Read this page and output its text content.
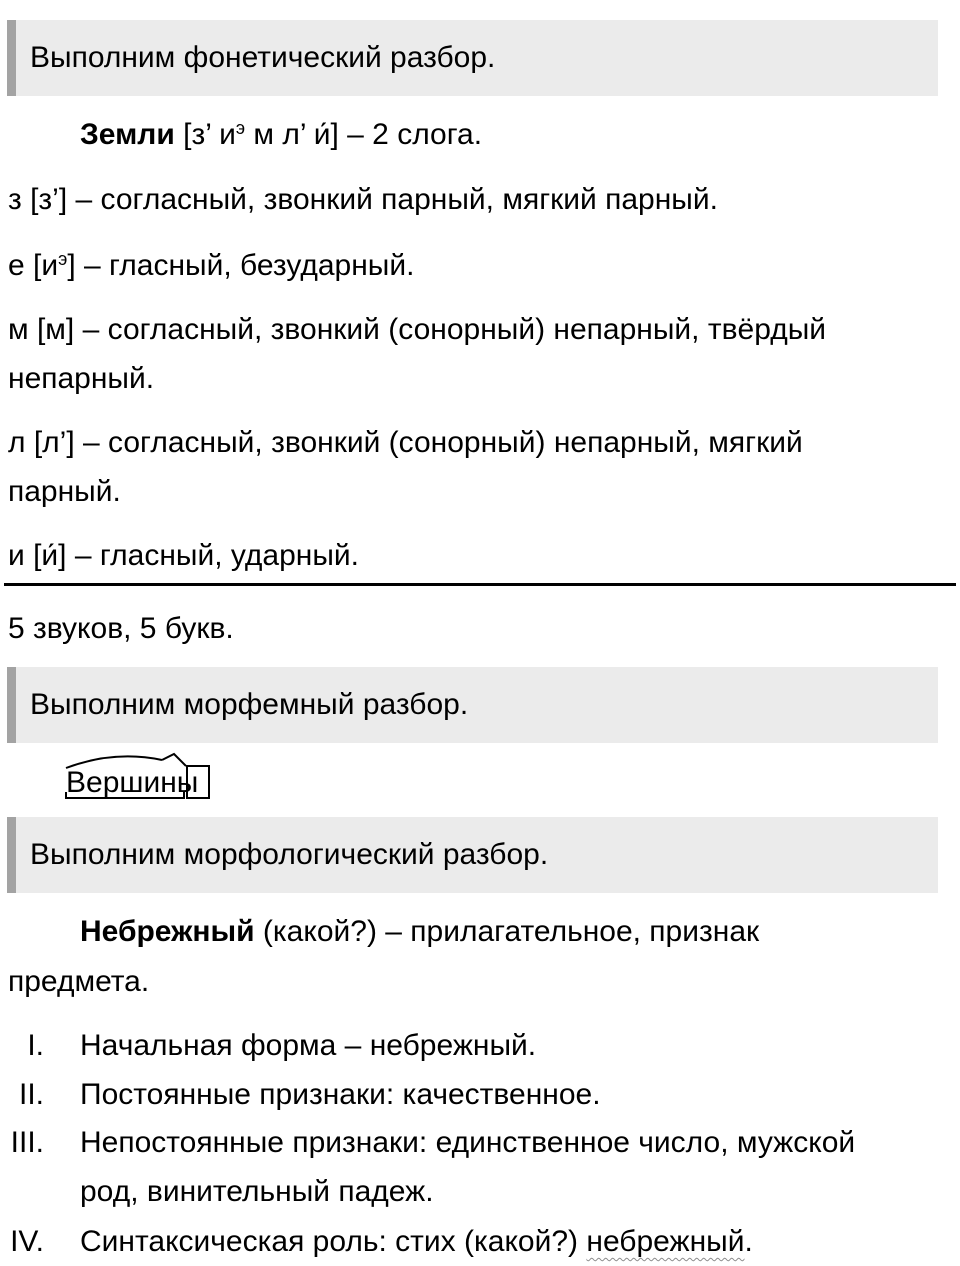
Выполним фонетический разбор.
Земли [з’ $и^э$ м л’ и́] – 2 слога.
з [з’] – согласный, звонкий парный, мягкий парный.
е $[и^э]$ – гласный, безударный.
м [м] – согласный, звонкий (сонорный) непарный, твёрдый
непарный.
л [л’] – согласный, звонкий (сонорный) непарный, мягкий
парный.
и [и́] – гласный, ударный.
5 звуков, 5 букв.
Выполним морфемный разбор.
Вершины
Выполним морфологический разбор.
Небрежный (какой?) – прилагательное, признак
предмета.
I. Начальная форма – небрежный.
II. Постоянные признаки: качественное.
III. Непостоянные признаки: единственное число, мужской
род, винительный падеж.
IV. Синтаксическая роль: стих (какой?) небрежный.
